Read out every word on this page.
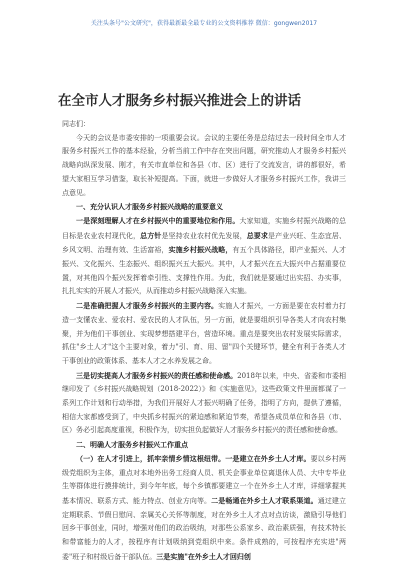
关注头条号"公文研究"，获得最新最全最专业的公文资料推荐 微信：gongwen2017
在全市人才服务乡村振兴推进会上的讲话

同志们：

今天的会议是市委安排的一项重要会议。会议的主要任务是总结过去一段时间全市人才服务乡村振兴工作的基本经验，分析当前工作中存在突出问题，研究推动人才服务乡村振兴战略向纵深发展、刚才，有关市直单位和各县（市、区）进行了交流发言，讲的都很好，希望大家相互学习借鉴，取长补短提高。下面，就进一步做好人才服务乡村振兴工作，我讲三点意见。

一、充分认识人才服务乡村振兴战略的重要意义

一是深刻理解人才在乡村振兴中的重要地位和作用。大家知道，实施乡村振兴战略的总目标是农业农村现代化，总方针是坚持农业农村优先发展，总要求是产业兴旺、生态宜居、乡风文明、治理有效、生活富裕，实施乡村振兴战略，有五个具体路径，即产业振兴、人才振兴、文化振兴、生态振兴、组织振兴五大振兴。其中，人才振兴在五大振兴中占据重要位置，对其他四个振兴发挥着牵引性、支撑性作用。为此，我们就是要通过出实招、办实事，扎扎实实的开展人才振兴，从而推动乡村振兴战略深入实施。

二是准确把握人才服务乡村振兴的主要内容。实施人才振兴，一方面是要在农村着力打造一支懂农业、爱农村、爱农民的人才队伍，另一方面，就是要组织引导各类人才向农村集聚，并为他们干事创业、实现梦想搭建平台，营造环境。重点是要突出农村发展实际需求，抓住"乡土人才"这个主要对象，着力"引、育、用、留"四个关键环节，健全有利于各类人才干事创业的政策体系、基本人才之水养发展之命。

三是切实提高人才服务乡村振兴的责任感和使命感。2018年以来，中央、省委和市委相继印发了《乡村振兴战略规划（2018-2022）》和《实施意见》，这些政策文件里面都谋了一系列工作计划和行动举措，为我们开展好人才振兴明确了任务，指明了方向，提供了遵循，相信大家都感受到了，中央抓乡村振兴的紧迫感和紧迫节奏，希望各成员单位和各县（市、区）务必引起高度重视，积极作为，切实担负起做好人才服务乡村振兴的责任感和使命感。

二、明确人才服务乡村振兴工作重点

（一）在人才引进上，抓牢亲情乡情这根纽带。一是建立在外乡土人才库。要以乡村两级党组织为主体，重点对本地外出务工经商人员、机关企事业单位离退休人员、大中专毕业生等群体进行摸排统计，到今年年底，每个乡镇都要建立一个在外乡土人才库，详细掌握其基本情况、联系方式、能力特点、创业方向等。二是畅通在外乡土人才联系渠道。通过建立定期联系、节假日慰问、亲属关心关怀等制度，对在外乡土人才点对点访谈，激励引导他们回乡干事创业，同时，增强对他们的政治吸纳，对那些公系家乡、政治素质强，有技术特长和带富能力的人才，按程序有计划吸纳到党组织中来。条件成熟的，可按程序充实进"两委"班子和村级后备干部队伍。三是实施"在外乡土人才回归创
